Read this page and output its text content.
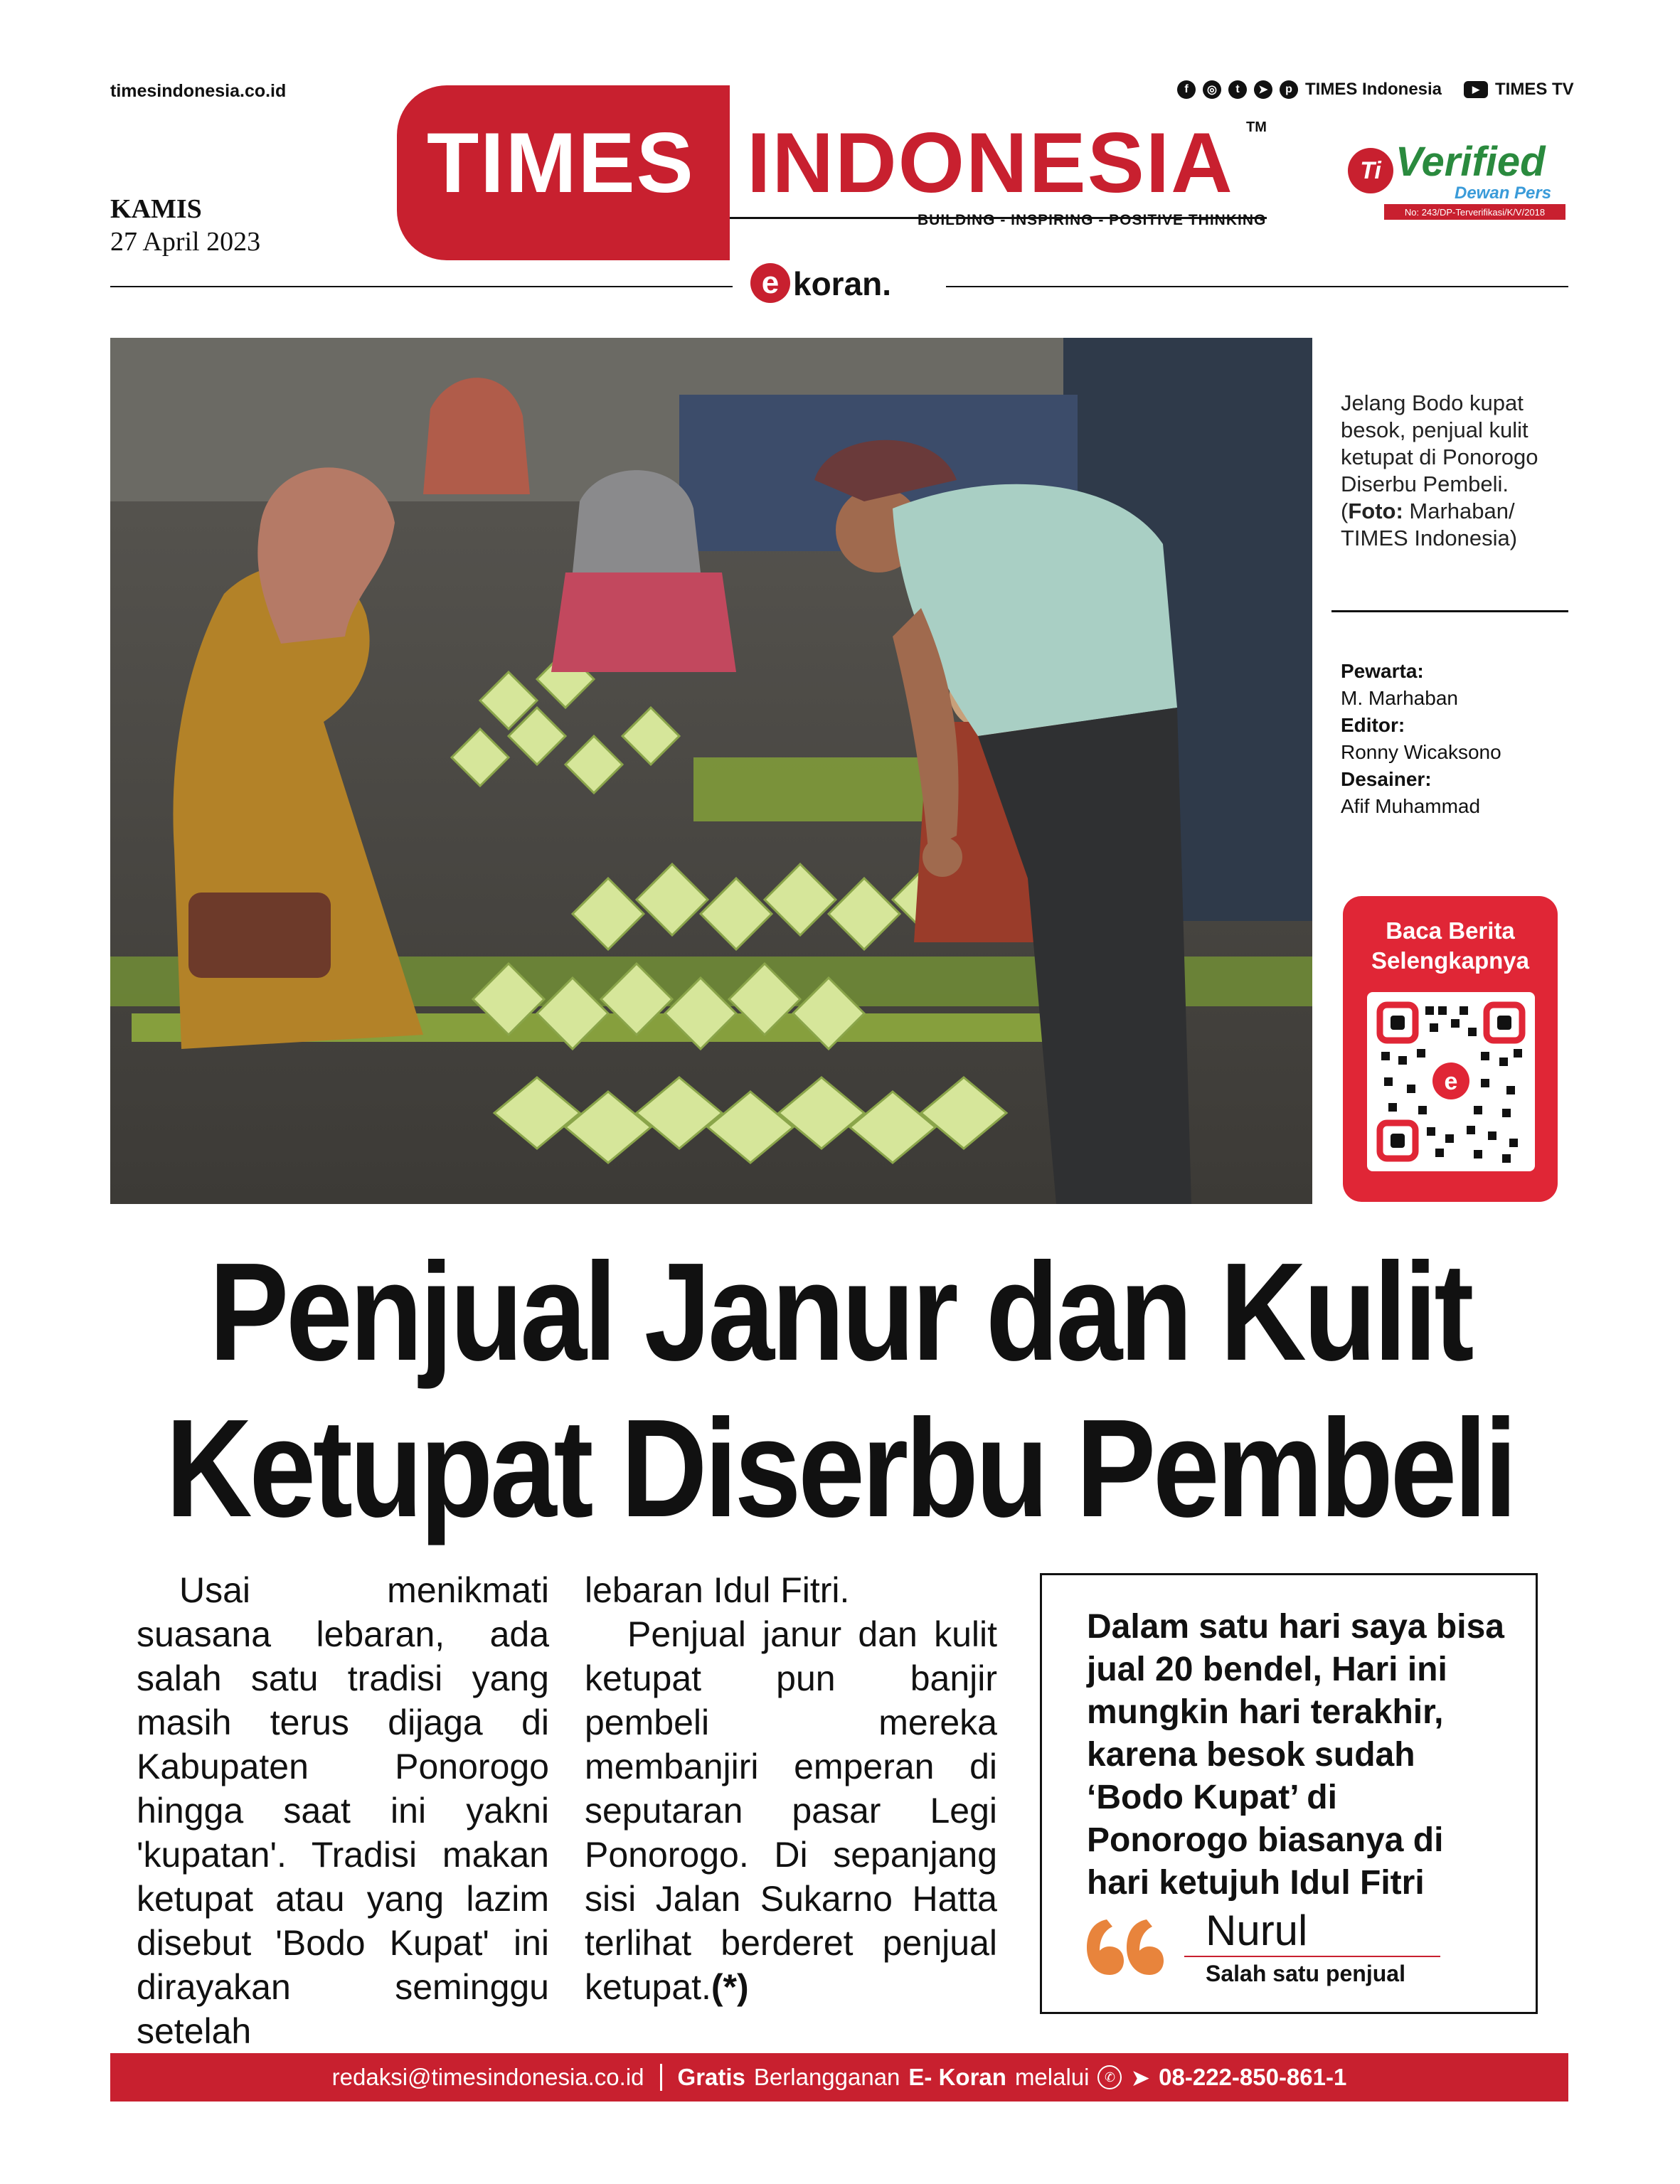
timesindonesia.co.id
KAMIS
27 April 2023
f	◎	t	➤	p TIMES Indonesia	▶ TIMES TV
TIMES INDONESIA TM
BUILDING - INSPIRING - POSITIVE THINKING
Ti Verified
Dewan Pers
No: 243/DP-Terverifikasi/K/V/2018
e koran.
Jelang Bodo kupat besok, penjual kulit ketupat di Ponorogo Diserbu Pembeli. (Foto: Marhaban/ TIMES Indonesia)
Pewarta:
M. Marhaban
Editor:
Ronny Wicaksono
Desainer:
Afif Muhammad
Baca Berita
Selengkapnya
e
Penjual Janur dan Kulit
Ketupat Diserbu Pembeli

Usai menikmati suasana lebaran, ada salah satu tradisi yang masih terus dijaga di Kabupaten Ponorogo hingga saat ini yakni 'kupatan'. Tradisi makan ketupat atau yang lazim disebut 'Bodo Kupat' ini dirayakan seminggu setelah

lebaran Idul Fitri.

Penjual janur dan kulit ketupat pun banjir pembeli mereka membanjiri emperan di seputaran pasar Legi Ponorogo. Di sepanjang sisi Jalan Sukarno Hatta terlihat berderet penjual ketupat.(*)

Dalam satu hari saya bisa jual 20 bendel, Hari ini mungkin hari terakhir, karena besok sudah ‘Bodo Kupat’ di Ponorogo biasanya di hari ketujuh Idul Fitri
Nurul
Salah satu penjual
redaksi@timesindonesia.co.id Gratis Berlangganan E- Koran melalui	✆ ➤ 08-222-850-861-1
